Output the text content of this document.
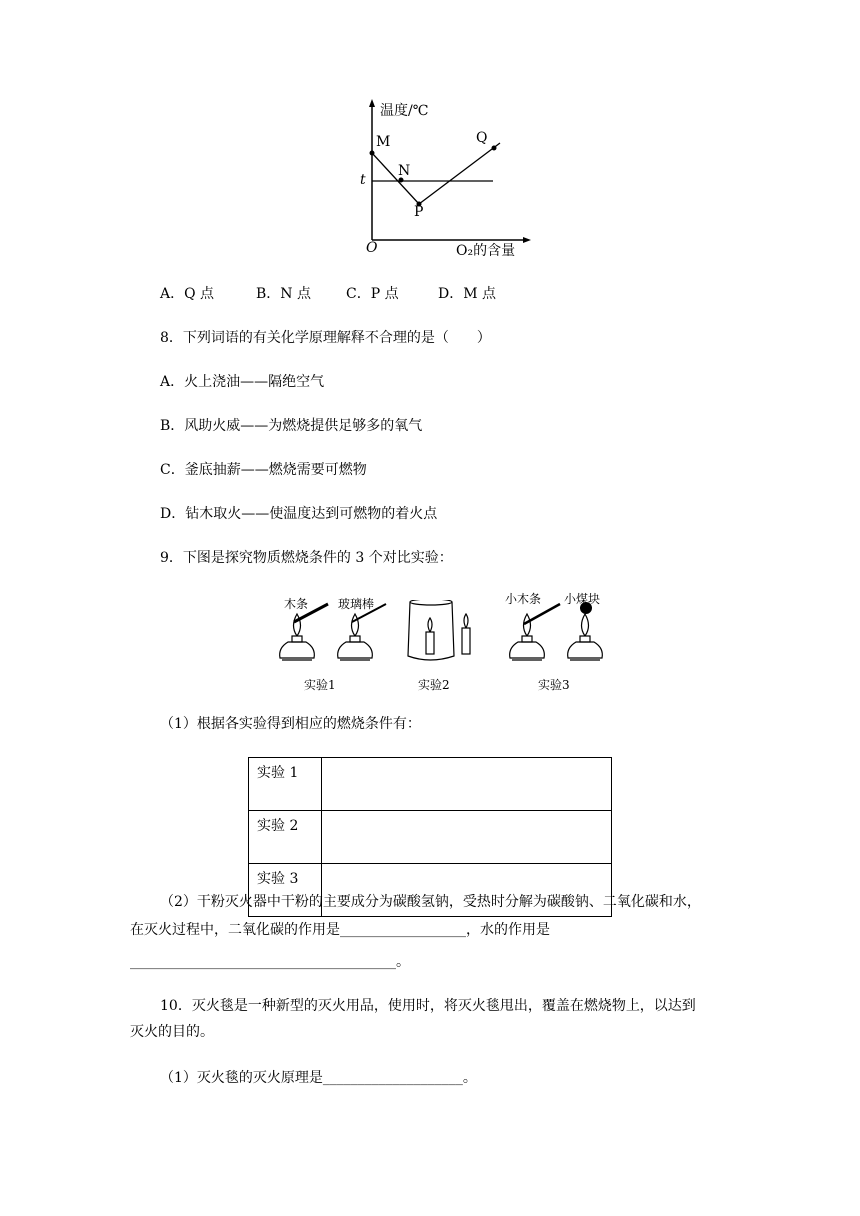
温度/℃
M	Q
N
t
P
O	O₂的含量
A．Q 点	B．N 点	C．P 点	D．M 点
8．下列词语的有关化学原理解释不合理的是（　　）
A．火上浇油——隔绝空气
B．风助火威——为燃烧提供足够多的氧气
C．釜底抽薪——燃烧需要可燃物
D．钻木取火——使温度达到可燃物的着火点
9．下图是探究物质燃烧条件的 3 个对比实验：
木条 玻璃棒	小木条 小煤块
实验1	实验2	实验3
（1）根据各实验得到相应的燃烧条件有：
实验 1	
实验 2	
实验 3	
（2）干粉灭火器中干粉的主要成分为碳酸氢钠，受热时分解为碳酸钠、二氧化碳和水，
在灭火过程中，二氧化碳的作用是__________________，水的作用是
______________________________________。
10．灭火毯是一种新型的灭火用品，使用时，将灭火毯甩出，覆盖在燃烧物上，以达到
灭火的目的。
（1）灭火毯的灭火原理是____________________。
